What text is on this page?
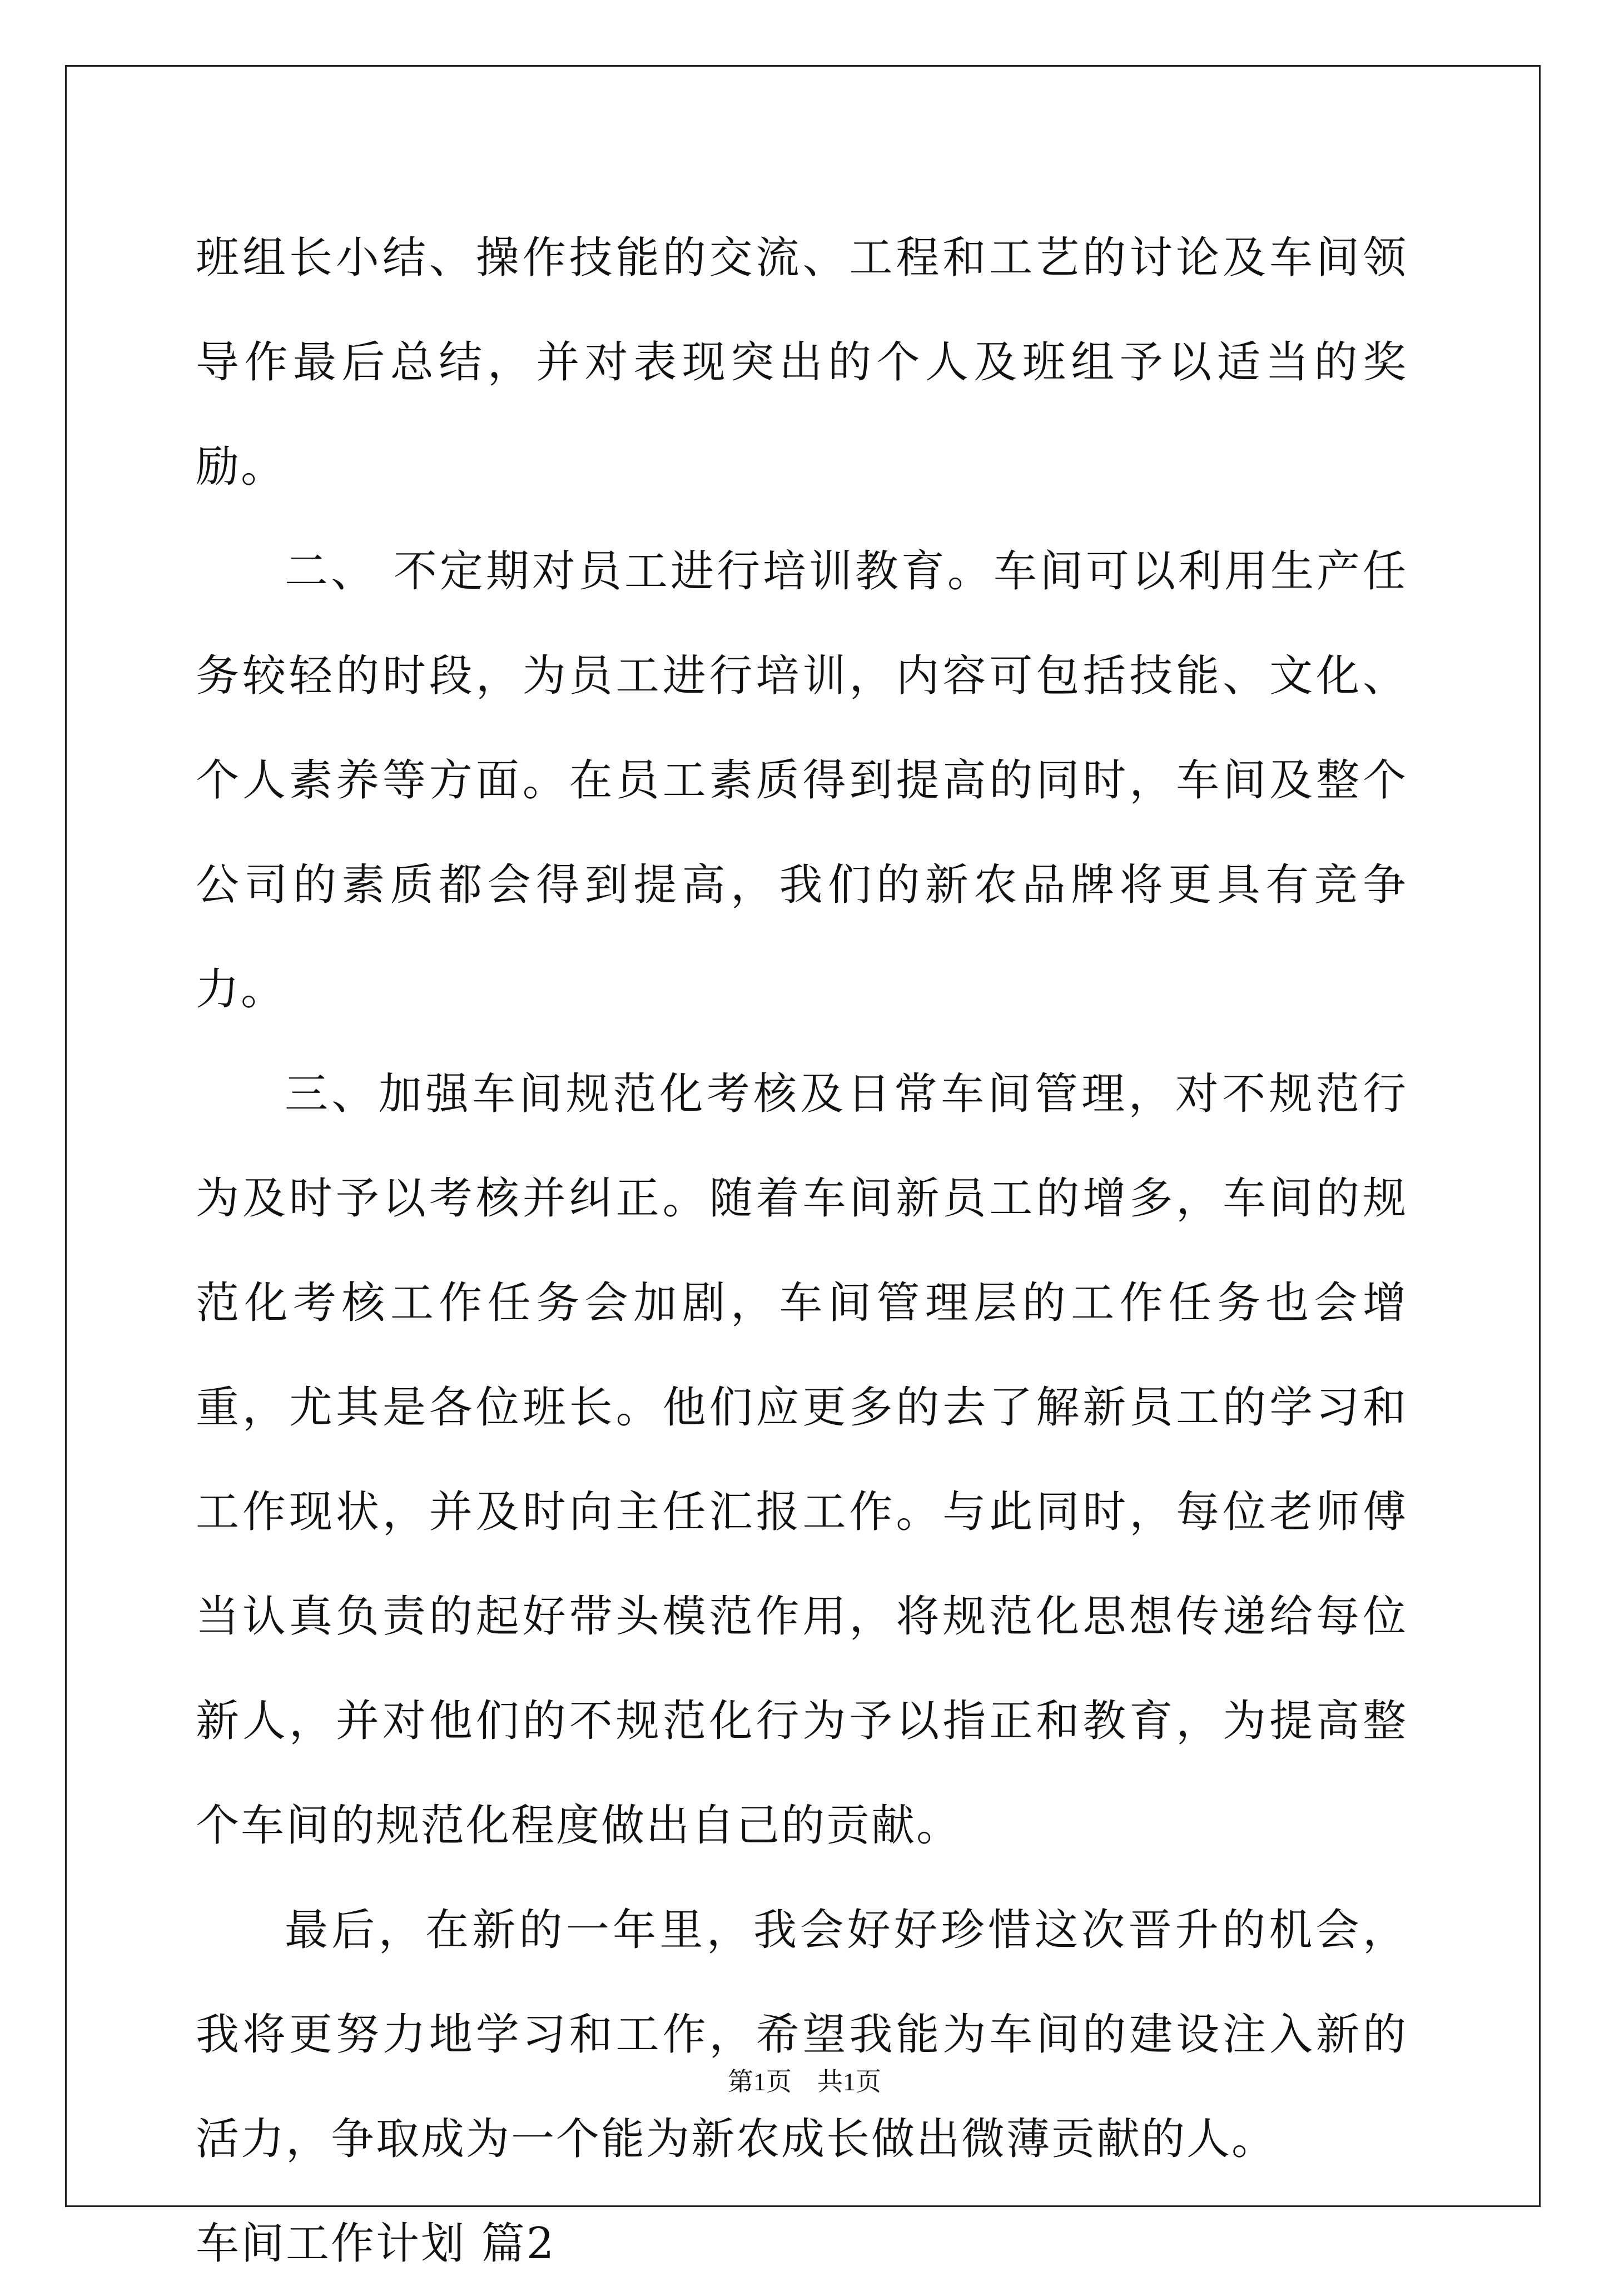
班组长小结、操作技能的交流、工程和工艺的讨论及车间领导作最后总结，并对表现突出的个人及班组予以适当的奖励。

二、 不定期对员工进行培训教育。车间可以利用生产任务较轻的时段，为员工进行培训，内容可包括技能、文化、个人素养等方面。在员工素质得到提高的同时，车间及整个公司的素质都会得到提高，我们的新农品牌将更具有竞争力。

三、加强车间规范化考核及日常车间管理，对不规范行为及时予以考核并纠正。随着车间新员工的增多，车间的规范化考核工作任务会加剧，车间管理层的工作任务也会增重，尤其是各位班长。他们应更多的去了解新员工的学习和工作现状，并及时向主任汇报工作。与此同时，每位老师傅当认真负责的起好带头模范作用，将规范化思想传递给每位新人，并对他们的不规范化行为予以指正和教育，为提高整个车间的规范化程度做出自己的贡献。

最后，在新的一年里，我会好好珍惜这次晋升的机会，我将更努力地学习和工作，希望我能为车间的建设注入新的活力，争取成为一个能为新农成长做出微薄贡献的人。

车间工作计划 篇2

第1页　共1页
